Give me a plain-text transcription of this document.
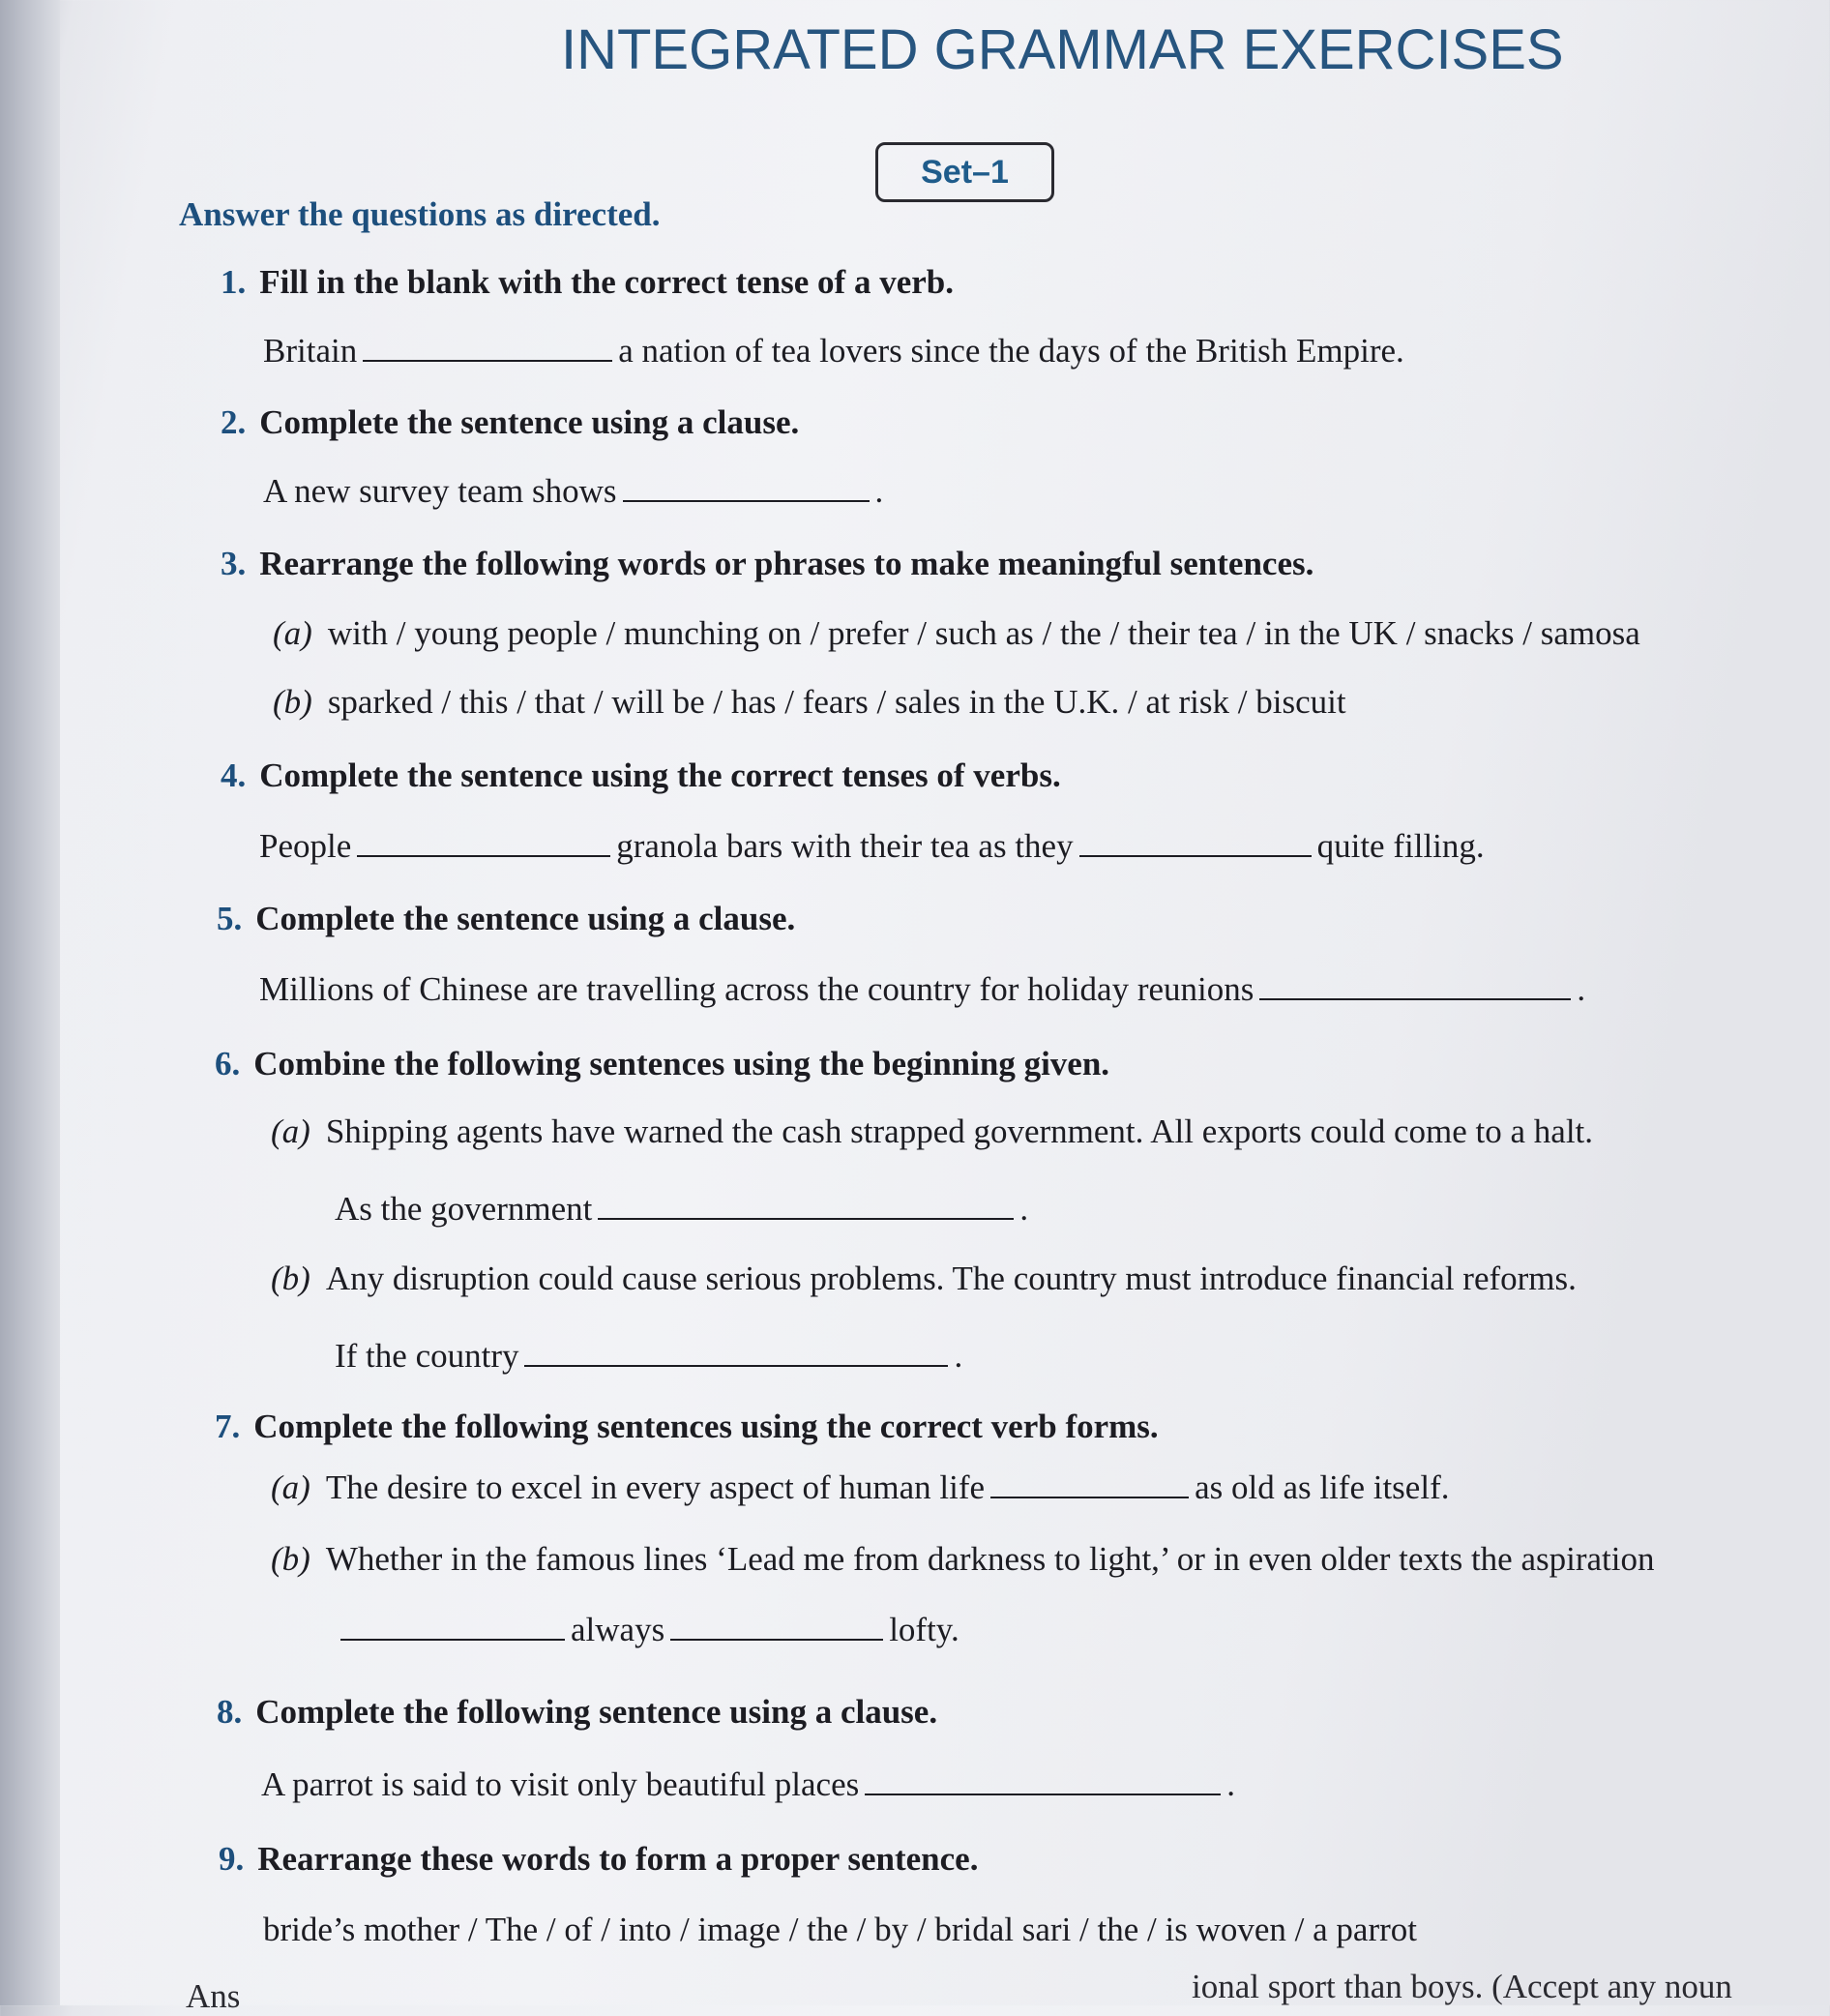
INTEGRATED GRAMMAR EXERCISES
Set–1
Answer the questions as directed.
1. Fill in the blank with the correct tense of a verb.
Britain	a nation of tea lovers since the days of the British Empire.
2. Complete the sentence using a clause.
A new survey team shows	.
3. Rearrange the following words or phrases to make meaningful sentences.
(a) with / young people / munching on / prefer / such as / the / their tea / in the UK / snacks / samosa
(b) sparked / this / that / will be / has / fears / sales in the U.K. / at risk / biscuit
4. Complete the sentence using the correct tenses of verbs.
People	granola bars with their tea as they	quite filling.
5. Complete the sentence using a clause.
Millions of Chinese are travelling across the country for holiday reunions	.
6. Combine the following sentences using the beginning given.
(a) Shipping agents have warned the cash strapped government. All exports could come to a halt.
As the government	.
(b) Any disruption could cause serious problems. The country must introduce financial reforms.
If the country	.
7. Complete the following sentences using the correct verb forms.
(a) The desire to excel in every aspect of human life	as old as life itself.
(b) Whether in the famous lines ‘Lead me from darkness to light,’ or in even older texts the aspiration
always	lofty.
8. Complete the following sentence using a clause.
A parrot is said to visit only beautiful places	.
9. Rearrange these words to form a proper sentence.
bride’s mother / The / of / into / image / the / by / bridal sari / the / is woven / a parrot
Ans	ional sport than boys. (Accept any noun
